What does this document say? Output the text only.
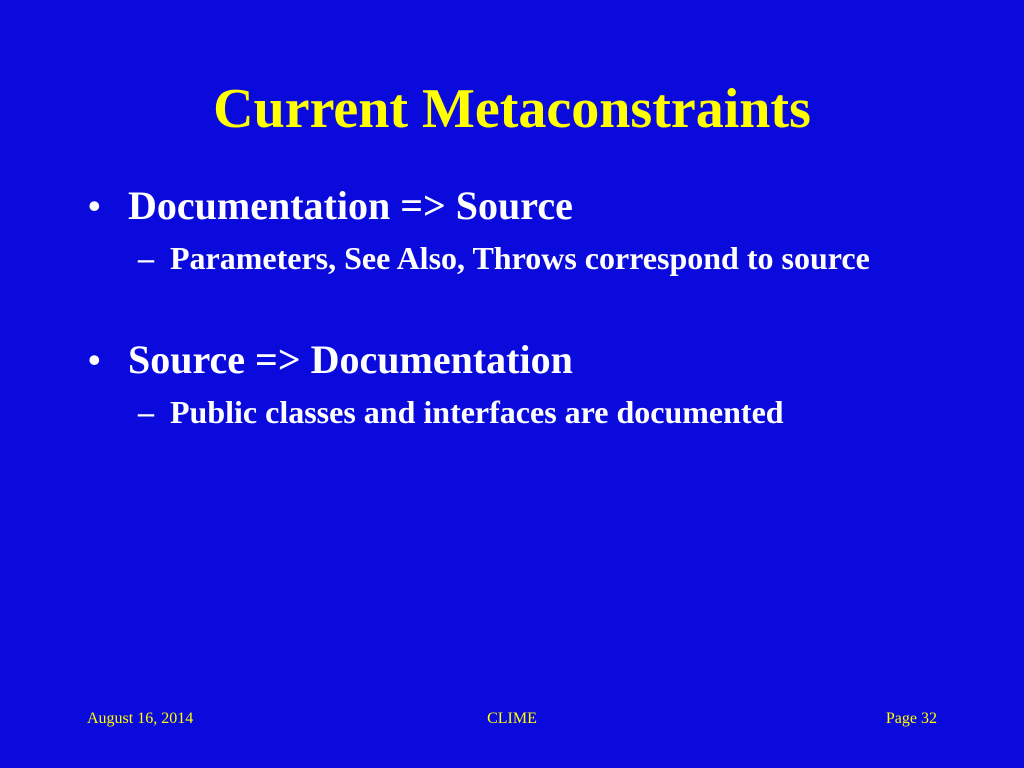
Current Metaconstraints
• Documentation => Source
– Parameters, See Also, Throws correspond to source
• Source => Documentation
– Public classes and interfaces are documented
August 16, 2014	CLIME	Page 32
